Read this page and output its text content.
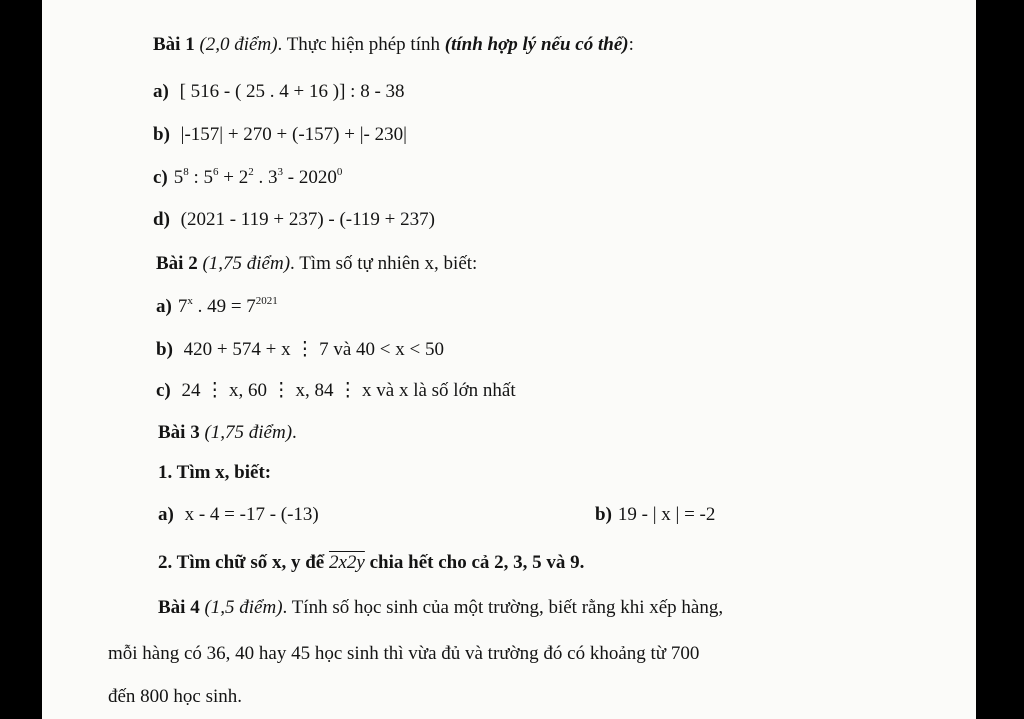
Bài 1 (2,0 điểm). Thực hiện phép tính (tính hợp lý nếu có thể):
a) [ 516 - ( 25 . 4 + 16 )] : 8 - 38
b) |-157| + 270 + (-157) + |- 230|
c) $5^8$ : $5^6 + 2^2$ . $3^3 - 2020^0$
d) (2021 - 119 + 237) - (-119 + 237)
Bài 2 (1,75 điểm). Tìm số tự nhiên x, biết:
a) 7$^x$ . $49 = 7^{2021}$
b) 420 + 574 + x ⋮ 7 và 40 < x < 50
c) 24 ⋮ x, 60 ⋮ x, 84 ⋮ x và x là số lớn nhất
Bài 3 (1,75 điểm).
1. Tìm x, biết:
a) x - 4 = -17 - (-13)	b) 19 - | x | = -2
2. Tìm chữ số x, y để 2x2y chia hết cho cả 2, 3, 5 và 9.
Bài 4 (1,5 điểm). Tính số học sinh của một trường, biết rằng khi xếp hàng,
mỗi hàng có 36, 40 hay 45 học sinh thì vừa đủ và trường đó có khoảng từ 700
đến 800 học sinh.
